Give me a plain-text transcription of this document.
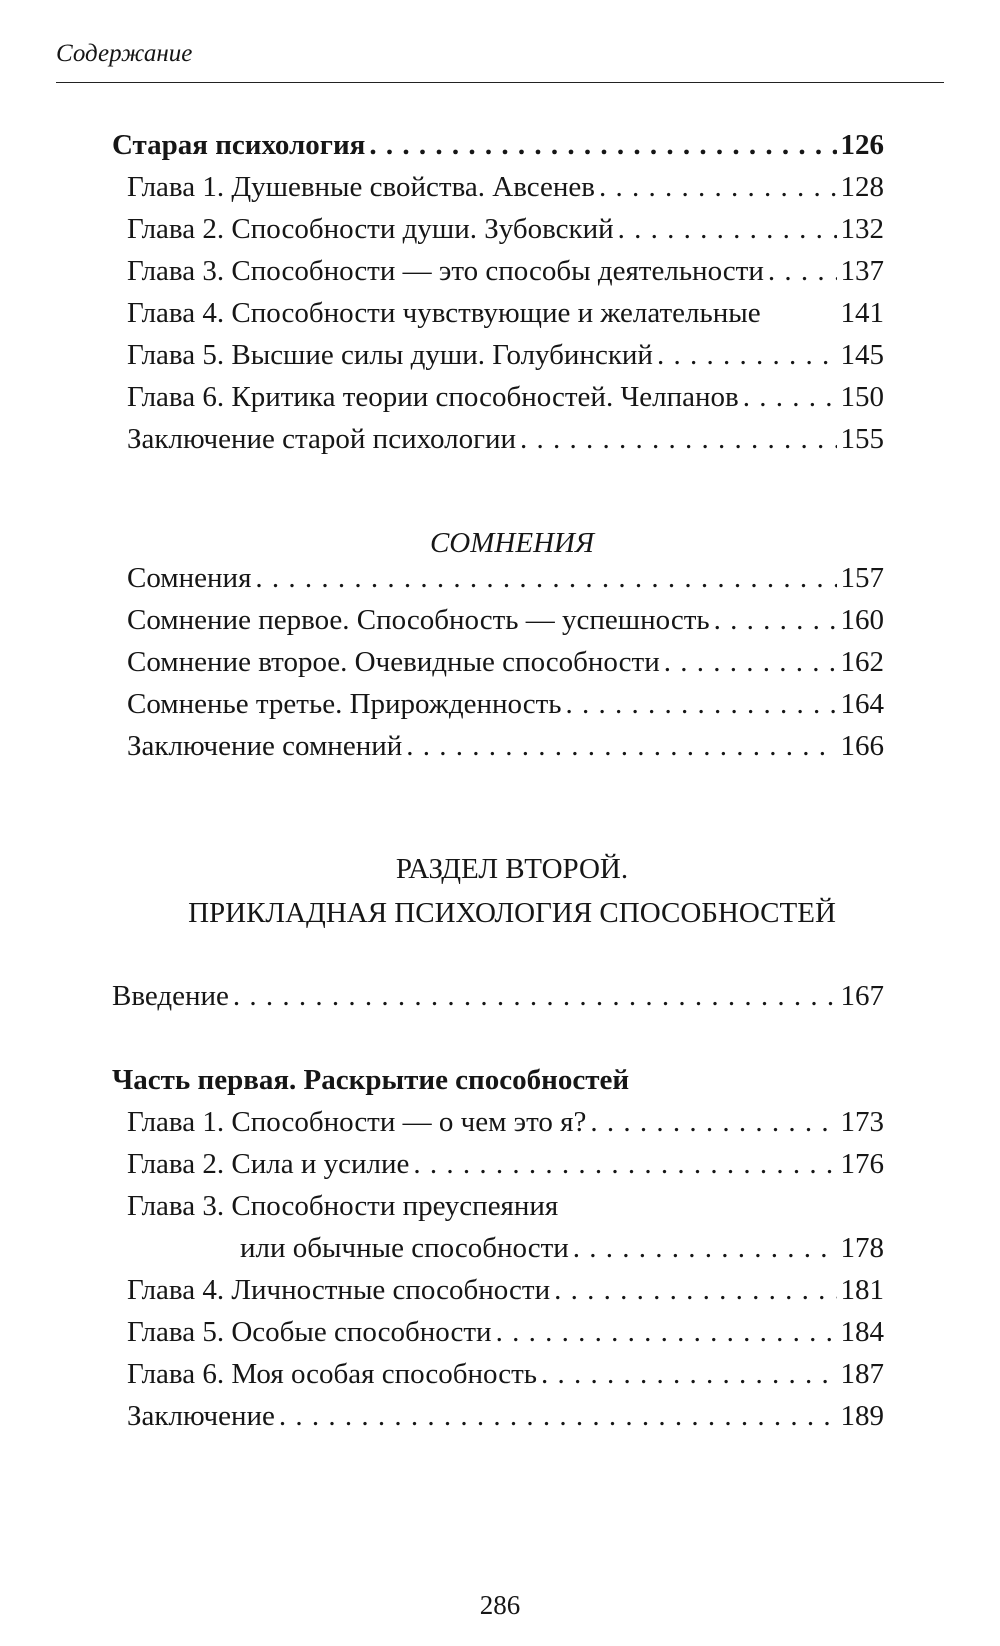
Содержание
Старая психология . . .	126
Глава 1. Душевные свойства. Авсенев . . .	128
Глава 2. Способности души. Зубовский . . .	132
Глава 3. Способности — это способы деятельности . . .	137
Глава 4. Способности чувствующие и желательные	141
Глава 5. Высшие силы души. Голубинский . . .	145
Глава 6. Критика теории способностей. Челпанов . . .	150
Заключение старой психологии . . .	155
СОМНЕНИЯ
Сомнения . . .	157
Сомнение первое. Способность — успешность . . .	160
Сомнение второе. Очевидные способности . . .	162
Сомненье третье. Прирожденность . . .	164
Заключение сомнений . . .	166
РАЗДЕЛ ВТОРОЙ.
ПРИКЛАДНАЯ ПСИХОЛОГИЯ СПОСОБНОСТЕЙ
Введение . . .	167
Часть первая. Раскрытие способностей
Глава 1. Способности — о чем это я? . . .	173
Глава 2. Сила и усилие . . .	176
Глава 3. Способности преуспеяния
или обычные способности . . .	178
Глава 4. Личностные способности . . .	181
Глава 5. Особые способности . . .	184
Глава 6. Моя особая способность . . .	187
Заключение . . .	189
286
